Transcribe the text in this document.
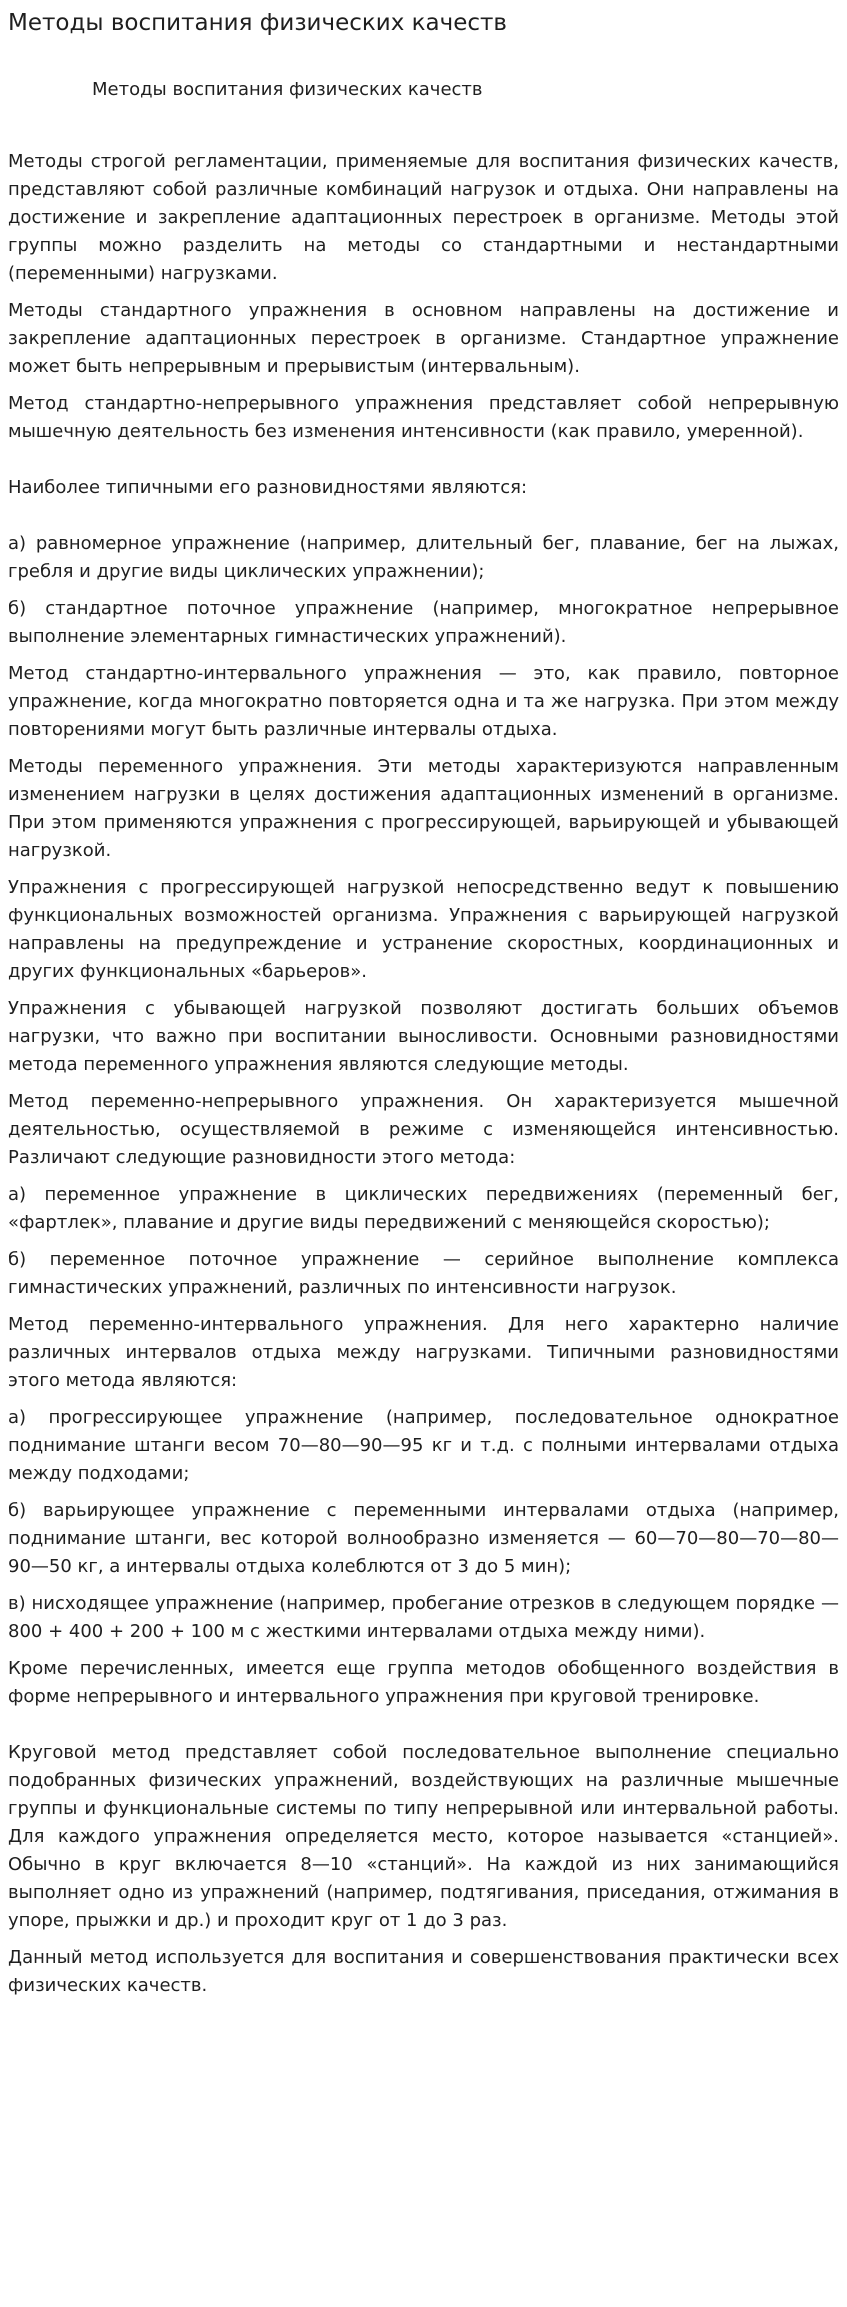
Методы воспитания физических качеств
Методы воспитания физических качеств

Методы строгой регламентации, применяемые для воспитания физических качеств, представляют собой различные комбинаций нагрузок и отдыха. Они направлены на достижение и закрепление адаптационных перестроек в организме. Методы этой группы можно разделить на методы со стандартными и нестандартными (переменными) нагрузками.

Методы стандартного упражнения в основном направлены на достижение и закрепление адаптационных перестроек в организме. Стандартное упражнение может быть непрерывным и прерывистым (интервальным).

Метод стандартно-непрерывного упражнения представляет собой непрерывную мышечную деятельность без изменения интенсивности (как правило, умеренной).

Наиболее типичными его разновидностями являются:

а) равномерное упражнение (например, длительный бег, плавание, бег на лыжах, гребля и другие виды циклических упражнении);

б) стандартное поточное упражнение (например, многократное непрерывное выполнение элементарных гимнастических упражнений).

Метод стандартно-интервального упражнения — это, как правило, повторное упражнение, когда многократно повторяется одна и та же нагрузка. При этом между повторениями могут быть различные интервалы отдыха.

Методы переменного упражнения. Эти методы характеризуются направленным изменением нагрузки в целях достижения адаптационных изменений в организме. При этом применяются упражнения с прогрессирующей, варьирующей и убывающей нагрузкой.

Упражнения с прогрессирующей нагрузкой непосредственно ведут к повышению функциональных возможностей организма. Упражнения с варьирующей нагрузкой направлены на предупреждение и устранение скоростных, координационных и других функциональных «барьеров».

Упражнения с убывающей нагрузкой позволяют достигать больших объемов нагрузки, что важно при воспитании выносливости. Основными разновидностями метода переменного упражнения являются следующие методы.

Метод переменно-непрерывного упражнения. Он характеризуется мышечной деятельностью, осуществляемой в режиме с изменяющейся интенсивностью. Различают следующие разновидности этого метода:

а) переменное упражнение в циклических передвижениях (переменный бег, «фартлек», плавание и другие виды передвижений с меняющейся скоростью);

б) переменное поточное упражнение — серийное выполнение комплекса гимнастических упражнений, различных по интенсивности нагрузок.

Метод переменно-интервального упражнения. Для него характерно наличие различных интервалов отдыха между нагрузками. Типичными разновидностями этого метода являются:

а) прогрессирующее упражнение (например, последовательное однократное поднимание штанги весом 70—80—90—95 кг и т.д. с полными интервалами отдыха между подходами;

б) варьирующее упражнение с переменными интервалами отдыха (например, поднимание штанги, вес которой волнообразно изменяется — 60—70—80—70—80—90—50 кг, а интервалы отдыха колеблются от 3 до 5 мин);

в) нисходящее упражнение (например, пробегание отрезков в следующем порядке — 800 + 400 + 200 + 100 м с жесткими интервалами отдыха между ними).

Кроме перечисленных, имеется еще группа методов обобщенного воздействия в форме непрерывного и интервального упражнения при круговой тренировке.

Круговой метод представляет собой последовательное выполнение специально подобранных физических упражнений, воздействующих на различные мышечные группы и функциональные системы по типу непрерывной или интервальной работы. Для каждого упражнения определяется место, которое называется «станцией». Обычно в круг включается 8—10 «станций». На каждой из них занимающийся выполняет одно из упражнений (например, подтягивания, приседания, отжимания в упоре, прыжки и др.) и проходит круг от 1 до 3 раз.

Данный метод используется для воспитания и совершенствования практически всех физических качеств.
